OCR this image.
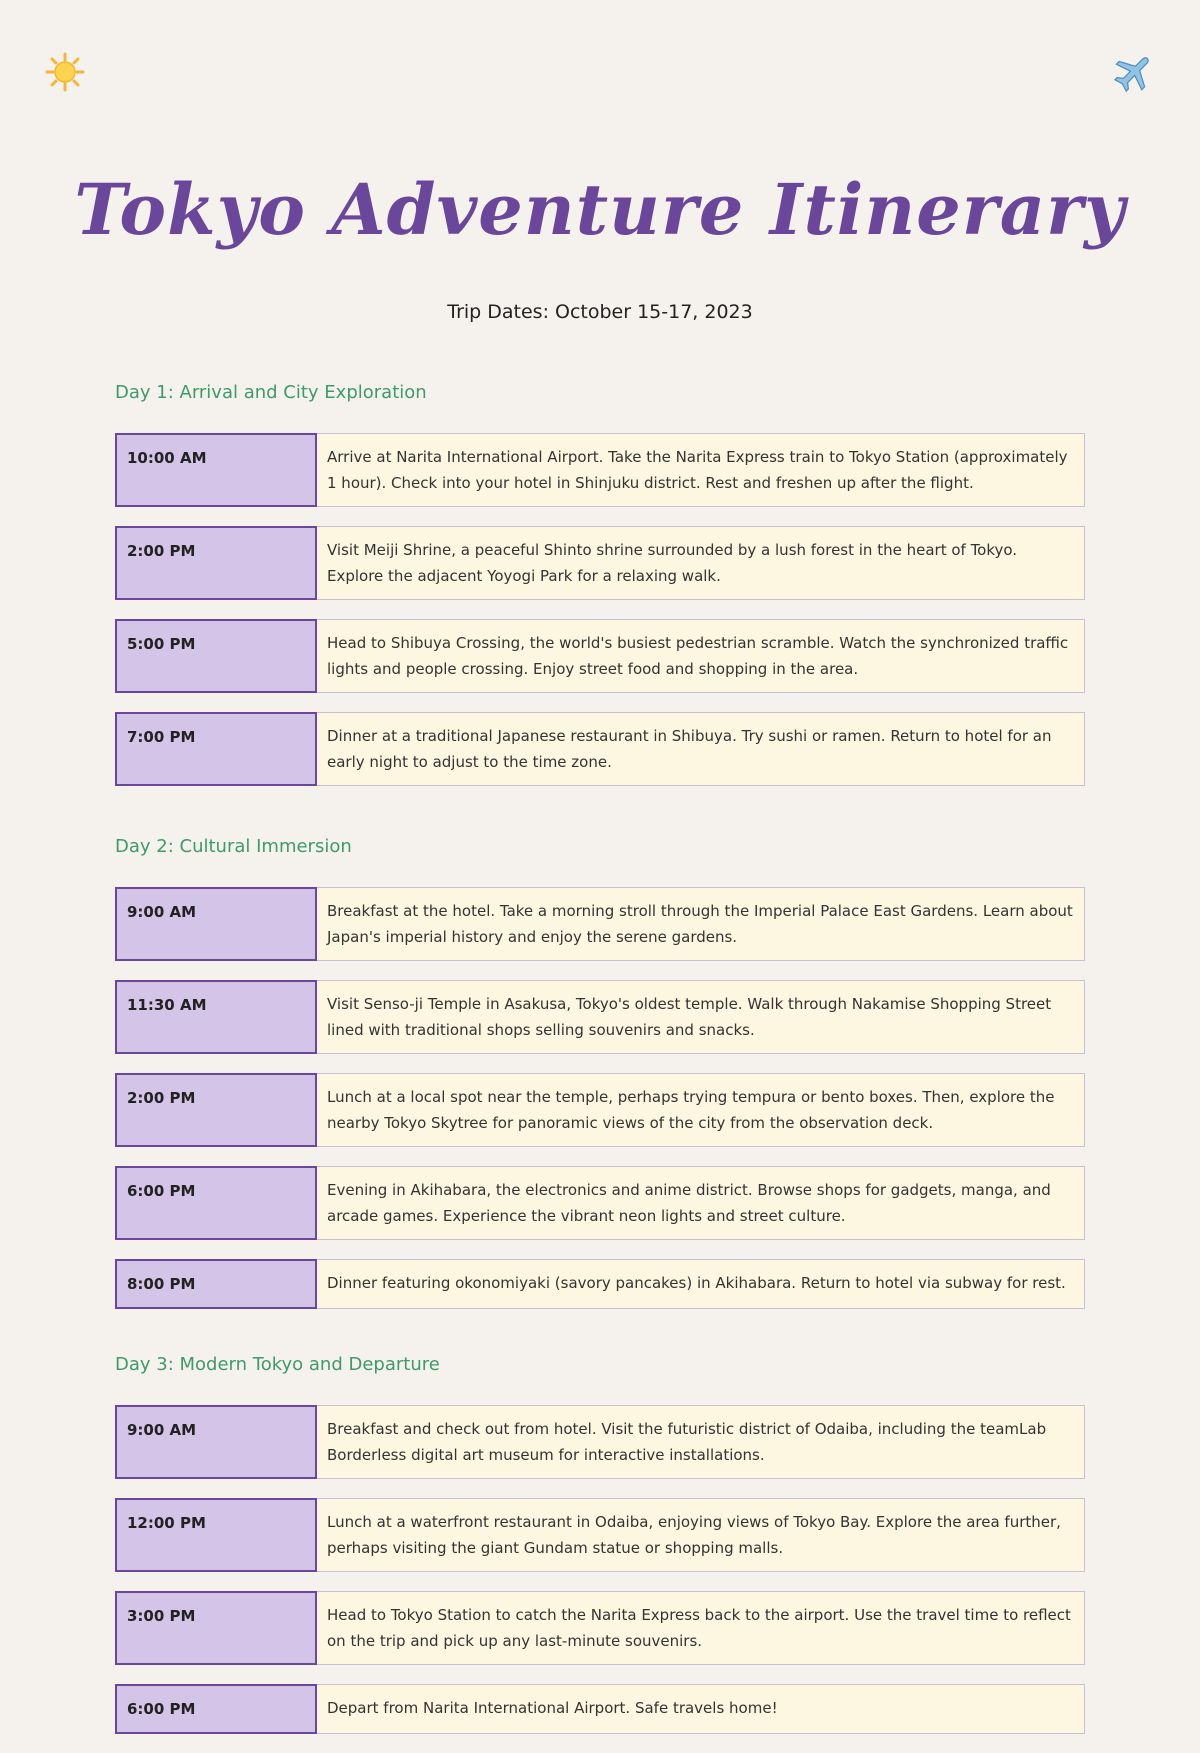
Tokyo Adventure Itinerary
Trip Dates: October 15-17, 2023
Day 1: Arrival and City Exploration
10:00 AM	Arrive at Narita International Airport. Take the Narita Express train to Tokyo Station (approximately 1 hour). Check into your hotel in Shinjuku district. Rest and freshen up after the flight.
2:00 PM	Visit Meiji Shrine, a peaceful Shinto shrine surrounded by a lush forest in the heart of Tokyo. Explore the adjacent Yoyogi Park for a relaxing walk.
5:00 PM	Head to Shibuya Crossing, the world's busiest pedestrian scramble. Watch the synchronized traffic lights and people crossing. Enjoy street food and shopping in the area.
7:00 PM	Dinner at a traditional Japanese restaurant in Shibuya. Try sushi or ramen. Return to hotel for an early night to adjust to the time zone.
Day 2: Cultural Immersion
9:00 AM	Breakfast at the hotel. Take a morning stroll through the Imperial Palace East Gardens. Learn about Japan's imperial history and enjoy the serene gardens.
11:30 AM	Visit Senso-ji Temple in Asakusa, Tokyo's oldest temple. Walk through Nakamise Shopping Street lined with traditional shops selling souvenirs and snacks.
2:00 PM	Lunch at a local spot near the temple, perhaps trying tempura or bento boxes. Then, explore the nearby Tokyo Skytree for panoramic views of the city from the observation deck.
6:00 PM	Evening in Akihabara, the electronics and anime district. Browse shops for gadgets, manga, and arcade games. Experience the vibrant neon lights and street culture.
8:00 PM	Dinner featuring okonomiyaki (savory pancakes) in Akihabara. Return to hotel via subway for rest.
Day 3: Modern Tokyo and Departure
9:00 AM	Breakfast and check out from hotel. Visit the futuristic district of Odaiba, including the teamLab Borderless digital art museum for interactive installations.
12:00 PM	Lunch at a waterfront restaurant in Odaiba, enjoying views of Tokyo Bay. Explore the area further, perhaps visiting the giant Gundam statue or shopping malls.
3:00 PM	Head to Tokyo Station to catch the Narita Express back to the airport. Use the travel time to reflect on the trip and pick up any last-minute souvenirs.
6:00 PM	Depart from Narita International Airport. Safe travels home!
